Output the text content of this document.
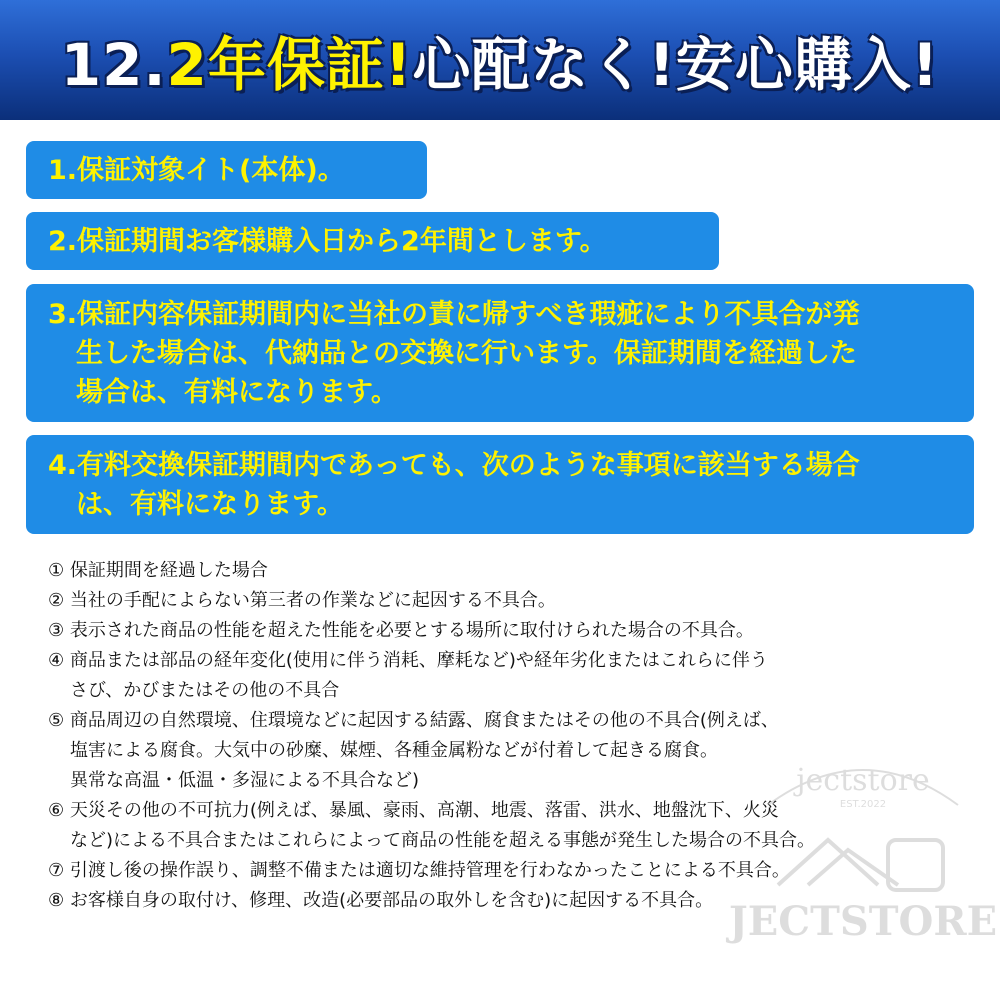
12.2年保証!心配なく!安心購入!

1.保証対象イト(本体)。

2.保証期間お客様購入日から2年間とします。

3.保証内容保証期間内に当社の責に帰すべき瑕疵により不具合が発
生した場合は、代納品との交換に行います。保証期間を経過した
場合は、有料になります。

4.有料交換保証期間内であっても、次のような事項に該当する場合
は、有料になります。

① 保証期間を経過した場合
② 当社の手配によらない第三者の作業などに起因する不具合。
③ 表示された商品の性能を超えた性能を必要とする場所に取付けられた場合の不具合。
④ 商品または部品の経年変化(使用に伴う消耗、摩耗など)や経年劣化またはこれらに伴う
さび、かびまたはその他の不具合
⑤ 商品周辺の自然環境、住環境などに起因する結露、腐食またはその他の不具合(例えば、
塩害による腐食。大気中の砂糜、媒煙、各種金属粉などが付着して起きる腐食。
異常な高温・低温・多湿による不具合など)
⑥ 天災その他の不可抗力(例えば、暴風、豪雨、高潮、地震、落雷、洪水、地盤沈下、火災
など)による不具合またはこれらによって商品の性能を超える事態が発生した場合の不具合。
⑦ 引渡し後の操作誤り、調整不備または適切な維持管理を行わなかったことによる不具合。
⑧ お客様自身の取付け、修理、改造(必要部品の取外しを含む)に起因する不具合。
jectstore
EST.2022
JECTSTORE
